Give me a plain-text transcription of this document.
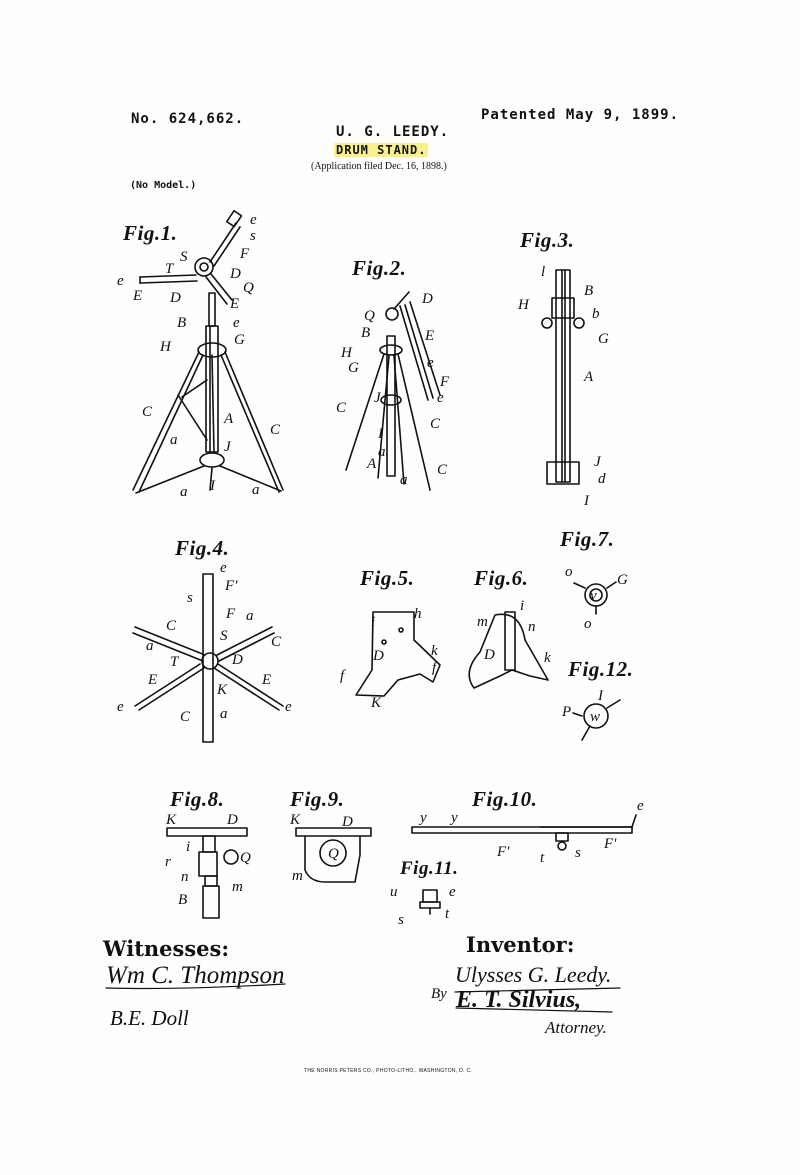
No. 624,662.
U. G. LEEDY.
Patented May 9, 1899.
DRUM STAND.
(Application filed Dec. 16, 1898.)
(No Model.)
Fig.1.
Fig.2.
Fig.3.
Fig.4.
Fig.5.	Fig.6.
Fig.7.
Fig.8.	Fig.9.	Fig.10.
Fig.11.
Fig.12.
e
s
S	F
T	D
Q
e
E D	E
B	e
H	G
C	A
C
a	J
I
a	a
D
Q
B	E
H
G	e
F
e
C
J
C
I
a
A
a
C
l
B
H
b
G
A
J
d
I
e
s
F'
F a
C
S	C
a
T	D
E
K
E
e	e
C a
i	h
D	k
f	f
K
i
m	n
D	k
o
v
G
o
I
w
P
K	D
i
r	Q
n
m
B
K	D
Q
m
y y
e
F' t s
F'
u	e
s	t
Witnesses:
Wm C. Thompson
B.E. Doll
Inventor:
Ulysses G. Leedy.
By E. T. Silvius,
Attorney.
THE NORRIS PETERS CO., PHOTO-LITHO., WASHINGTON, D. C.
